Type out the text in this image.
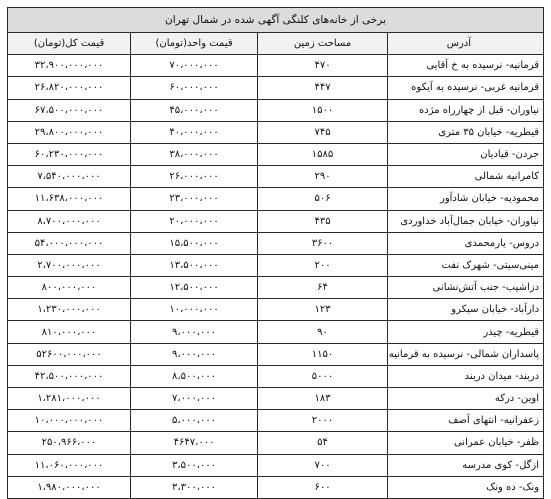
برخی از خانه‌های کلنگی آگهی شده در شمال تهران			
آدرس	مساحت زمین	قیمت واحد(تومان)	قیمت کل(تومان)
قرمانیه- نرسیده به خ آقایی	۴۷۰	۷۰،۰۰۰،۰۰۰	۳۲،۹۰۰،۰۰۰،۰۰۰
قرمانیه غربی- نرسیده به آیکوه	۴۴۷	۶۰،۰۰۰،۰۰۰	۲۶،۸۲۰،۰۰۰،۰۰۰
نیاوران- قبل از چهارراه مژده	۱۵۰۰	۴۵،۰۰۰،۰۰۰	۶۷،۵۰۰،۰۰۰،۰۰۰
قیطریه- خیابان ۳۵ متری	۷۴۵	۴۰،۰۰۰،۰۰۰	۲۹،۸۰۰،۰۰۰،۰۰۰
جردن- قیادیان	۱۵۸۵	۳۸،۰۰۰،۰۰۰	۶۰،۲۳۰،۰۰۰،۰۰۰
کامرانیه شمالی	۲۹۰	۲۶،۰۰۰،۰۰۰	۷،۵۴۰،۰۰۰،۰۰۰
محمودیه- خیابان شادآور	۵۰۶	۲۳،۰۰۰،۰۰۰	۱۱،۶۳۸،۰۰۰،۰۰۰
نیاوران- خیابان جمال‌آباد خداوردی	۴۳۵	۲۰،۰۰۰،۰۰۰	۸،۷۰۰،۰۰۰،۰۰۰
دروس- یارمحمدی	۳۶۰۰	۱۵،۵۰۰،۰۰۰	۵۴،۰۰۰،۰۰۰،۰۰۰
مینی‌سیتی- شهرک نفت	۲۰۰	۱۳،۵۰۰،۰۰۰	۲،۷۰۰،۰۰۰،۰۰۰
دزاشیب- جنب آتش‌نشانی	۶۴	۱۲،۵۰۰،۰۰۰	۸۰۰،۰۰۰،۰۰۰
دارآباد- خیابان سیکرو	۱۲۳	۱۰،۰۰۰،۰۰۰	۱،۲۳۰،۰۰۰،۰۰۰
قیطریه- چیذر	۹۰	۹،۰۰۰،۰۰۰	۸۱۰،۰۰۰،۰۰۰
پاسداران شمالی- نرسیده به قرمانیه	۱۱۵۰	۹،۰۰۰،۰۰۰	۵۲۶۰۰،۰۰۰،۰۰۰
دربند- میدان دربند	۵۰۰۰	۸،۵۰۰،۰۰۰	۴۲،۵۰۰،۰۰۰،۰۰۰
اوین- درکه	۱۸۳	۷،۰۰۰،۰۰۰	۱،۲۸۱،۰۰۰،۰۰۰
زعفرانیه- انتهای آصف	۲۰۰۰	۵،۰۰۰،۰۰۰	۱۰،۰۰۰،۰۰۰،۰۰۰
ظفر- خیابان عمرانی	۵۴	۴۶۴۷،۰۰۰	۲۵۰،۹۶۶،۰۰۰
ازگل- کوی مدرسه	۷۰۰	۳،۵۰۰،۰۰۰	۱۱،۰۶۰،۰۰۰،۰۰۰
ونک- ده ونک	۶۰۰	۳،۳۰۰،۰۰۰	۱،۹۸۰،۰۰۰،۰۰۰
